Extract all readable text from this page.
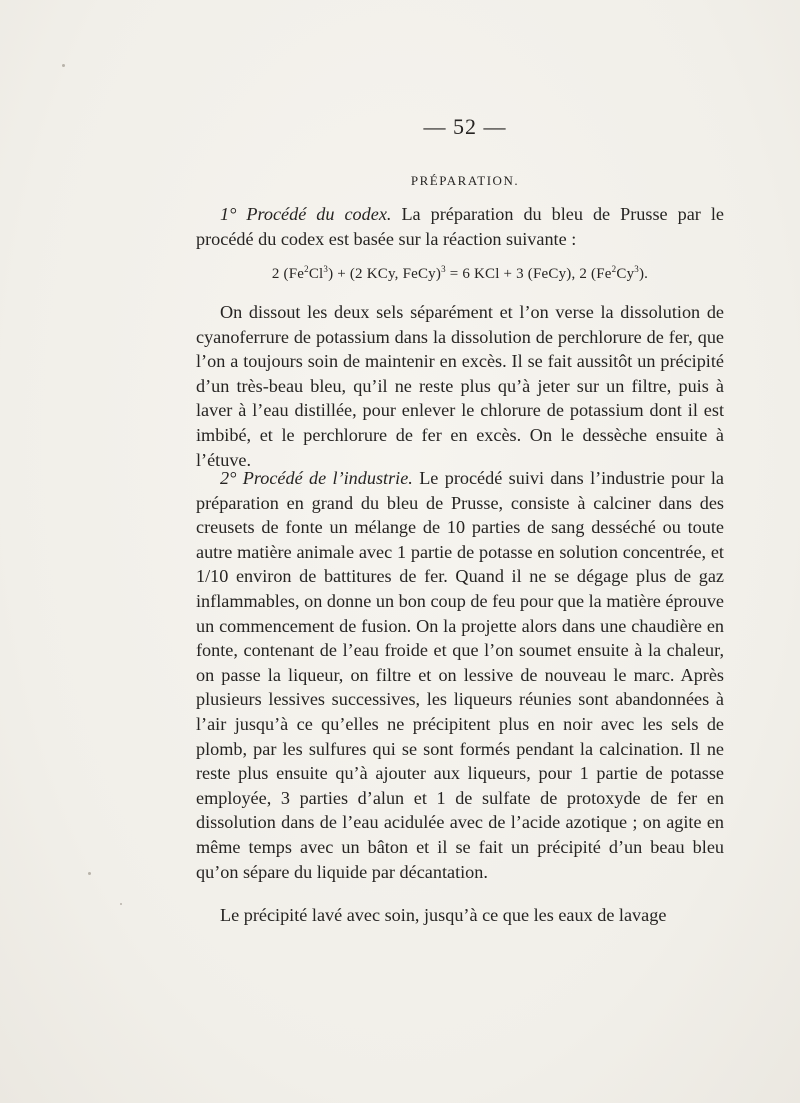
— 52 —
PRÉPARATION.

1° Procédé du codex. La préparation du bleu de Prusse par le procédé du codex est basée sur la réaction suivante :

2 $(Fe^2Cl^3) + (2$ KCy, FeCy)$^3$ = 6 KCl + 3 (FeCy), 2 (Fe$^2$Cy$^3$).

On dissout les deux sels séparément et l’on verse la dissolution de cyanoferrure de potassium dans la dissolution de perchlorure de fer, que l’on a toujours soin de maintenir en excès. Il se fait aussitôt un précipité d’un très-beau bleu, qu’il ne reste plus qu’à jeter sur un filtre, puis à laver à l’eau distillée, pour enlever le chlorure de potassium dont il est imbibé, et le perchlorure de fer en excès. On le dessèche ensuite à l’étuve.

2° Procédé de l’industrie. Le procédé suivi dans l’industrie pour la préparation en grand du bleu de Prusse, consiste à calciner dans des creusets de fonte un mélange de 10 parties de sang desséché ou toute autre matière animale avec 1 partie de potasse en solution concentrée, et 1/10 environ de battitures de fer. Quand il ne se dégage plus de gaz inflammables, on donne un bon coup de feu pour que la matière éprouve un commencement de fusion. On la projette alors dans une chaudière en fonte, contenant de l’eau froide et que l’on soumet ensuite à la chaleur, on passe la liqueur, on filtre et on lessive de nouveau le marc. Après plusieurs lessives successives, les liqueurs réunies sont abandonnées à l’air jusqu’à ce qu’elles ne précipitent plus en noir avec les sels de plomb, par les sulfures qui se sont formés pendant la calcination. Il ne reste plus ensuite qu’à ajouter aux liqueurs, pour 1 partie de potasse employée, 3 parties d’alun et 1 de sulfate de protoxyde de fer en dissolution dans de l’eau acidulée avec de l’acide azotique ; on agite en même temps avec un bâton et il se fait un précipité d’un beau bleu qu’on sépare du liquide par décantation.

Le précipité lavé avec soin, jusqu’à ce que les eaux de lavage
